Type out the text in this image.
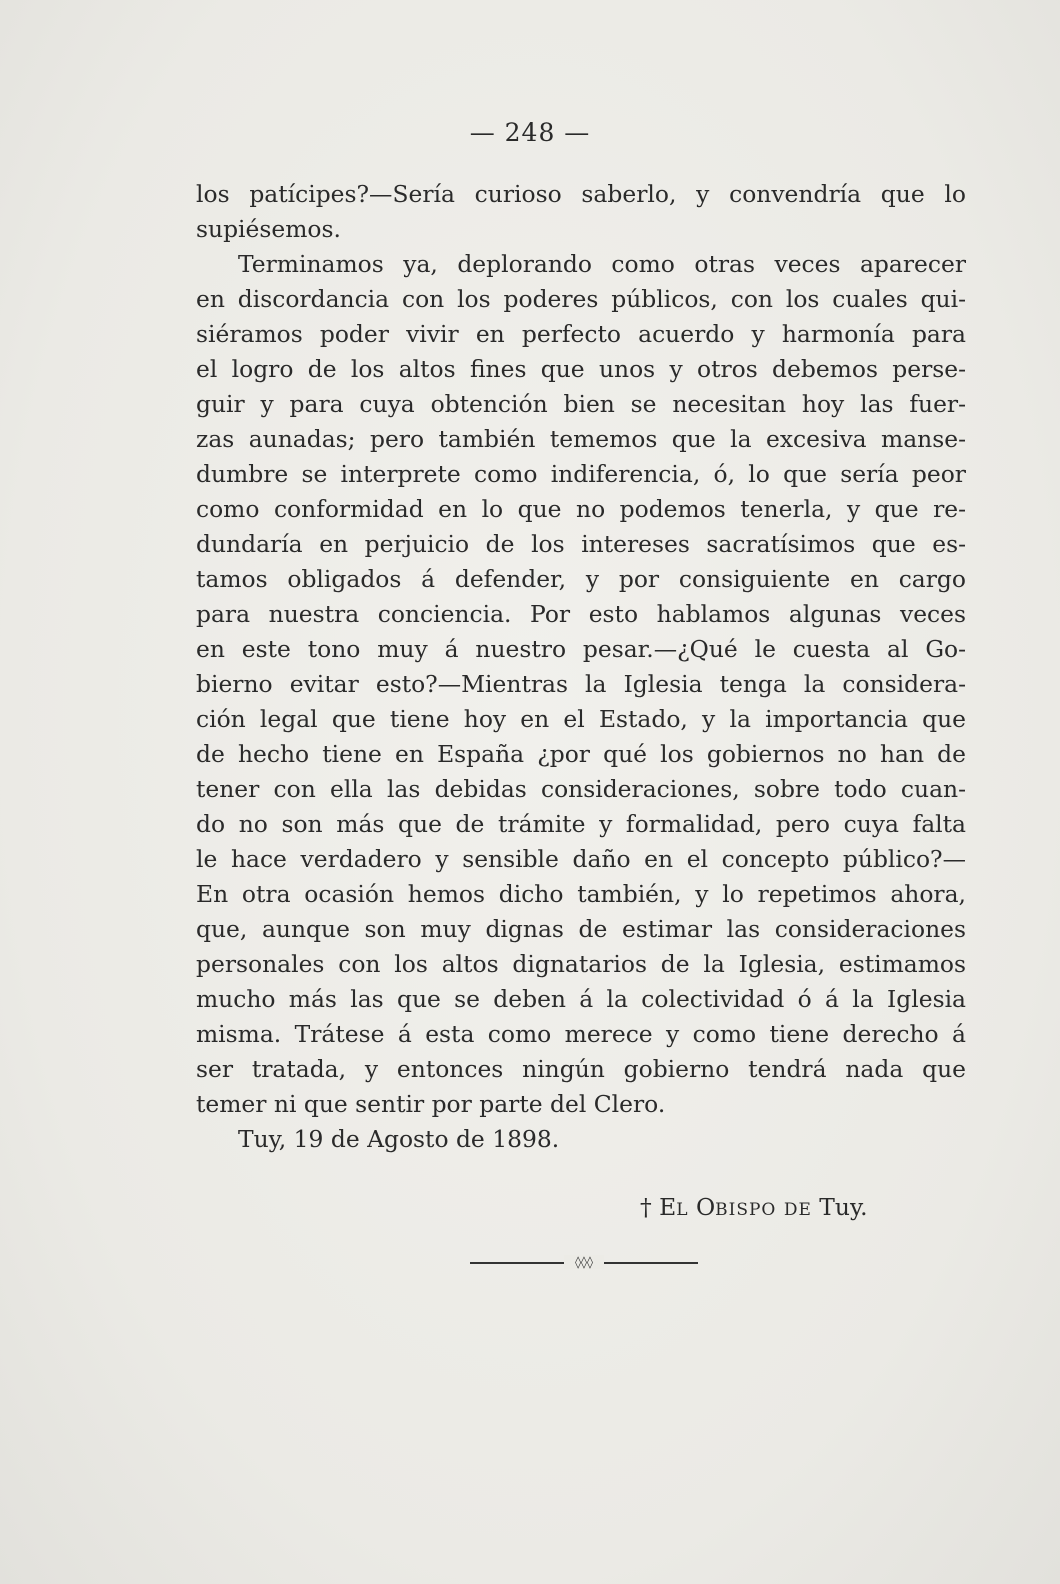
— 248 —
los patícipes?—Sería curioso saberlo, y convendría que lo
supiésemos.
Terminamos ya, deplorando como otras veces aparecer
en discordancia con los poderes públicos, con los cuales qui-
siéramos poder vivir en perfecto acuerdo y harmonía para
el logro de los altos fines que unos y otros debemos perse-
guir y para cuya obtención bien se necesitan hoy las fuer-
zas aunadas; pero también tememos que la excesiva manse-
dumbre se interprete como indiferencia, ó, lo que sería peor
como conformidad en lo que no podemos tenerla, y que re-
dundaría en perjuicio de los intereses sacratísimos que es-
tamos obligados á defender, y por consiguiente en cargo
para nuestra conciencia. Por esto hablamos algunas veces
en este tono muy á nuestro pesar.—¿Qué le cuesta al Go-
bierno evitar esto?—Mientras la Iglesia tenga la considera-
ción legal que tiene hoy en el Estado, y la importancia que
de hecho tiene en España ¿por qué los gobiernos no han de
tener con ella las debidas consideraciones, sobre todo cuan-
do no son más que de trámite y formalidad, pero cuya falta
le hace verdadero y sensible daño en el concepto público?—
En otra ocasión hemos dicho también, y lo repetimos ahora,
que, aunque son muy dignas de estimar las consideraciones
personales con los altos dignatarios de la Iglesia, estimamos
mucho más las que se deben á la colectividad ó á la Iglesia
misma. Trátese á esta como merece y como tiene derecho á
ser tratada, y entonces ningún gobierno tendrá nada que
temer ni que sentir por parte del Clero.
Tuy, 19 de Agosto de 1898.
† EL OBISPO DE Tuy.
◊◊◊
